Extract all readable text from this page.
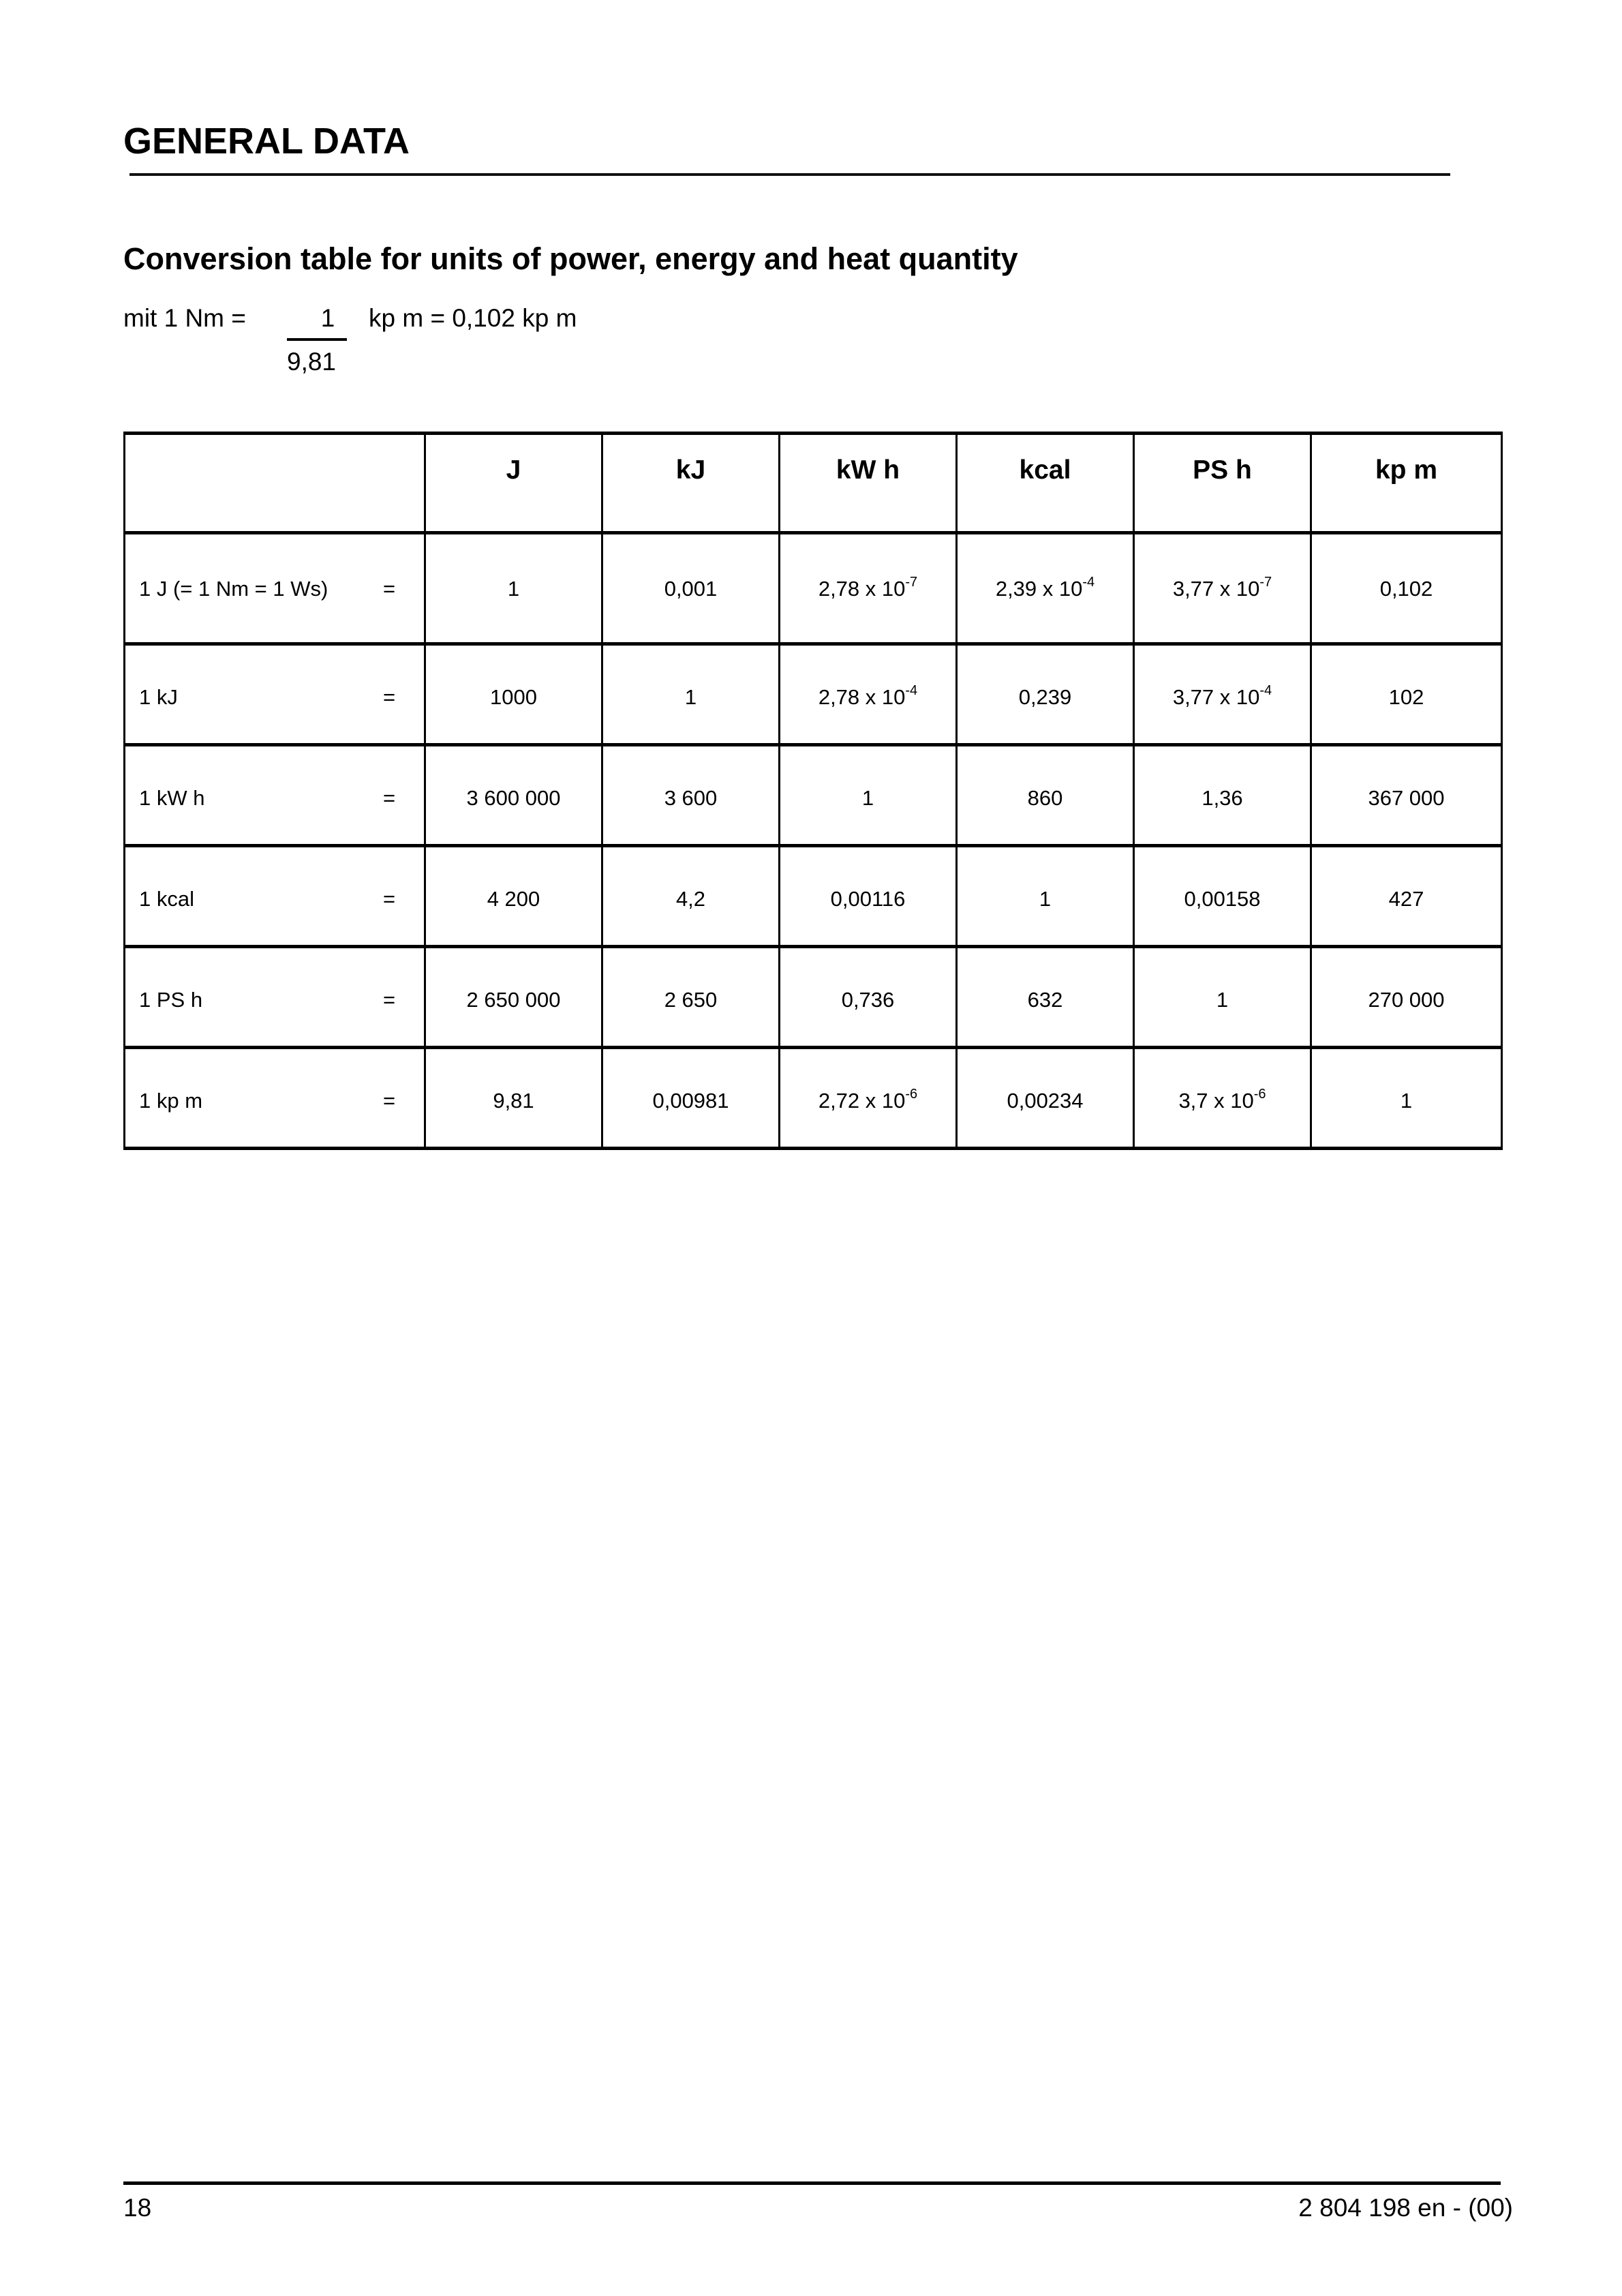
GENERAL DATA
Conversion table for units of power, energy and heat quantity
mit 1 Nm =	1
9,81
kp m = 0,102 kp m
	J	kJ	kW h	kcal	PS h	kp m

1 J (= 1 Nm = 1 Ws) =	1	0,001	2,78 x $10^{-7}$	2,39 x $10^{-4}$	3,77 x $10^{-7}$	0,102

1 kJ =	1000	1	2,78 x $10^{-4}$	0,239	3,77 x $10^{-4}$	102

1 kW h =	3 600 000	3 600	1	860	1,36	367 000

1 kcal =	4 200	4,2	0,00116	1	0,00158	427

1 PS h =	2 650 000	2 650	0,736	632	1	270 000

1 kp m =	9,81	0,00981	2,72 x $10^{-6}$	0,00234	3,7 x $10^{-6}$	1
18	2 804 198 en - (00)
